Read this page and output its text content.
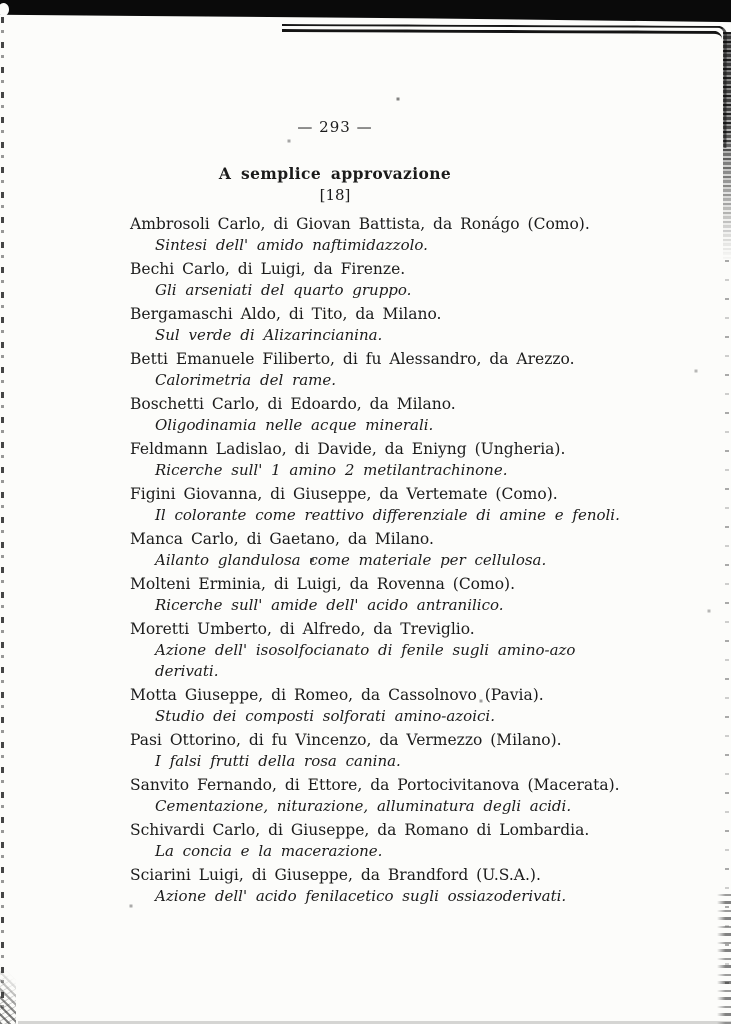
— 293 —
A semplice approvazione
[18]
Ambrosoli Carlo, di Giovan Battista, da Ronágo (Como).
Sintesi dell' amido naftimidazzolo.
Bechi Carlo, di Luigi, da Firenze.
Gli arseniati del quarto gruppo.
Bergamaschi Aldo, di Tito, da Milano.
Sul verde di Alizarincianina.
Betti Emanuele Filiberto, di fu Alessandro, da Arezzo.
Calorimetria del rame.
Boschetti Carlo, di Edoardo, da Milano.
Oligodinamia nelle acque minerali.
Feldmann Ladislao, di Davide, da Eniyng (Ungheria).
Ricerche sull' 1 amino 2 metilantrachinone.
Figini Giovanna, di Giuseppe, da Vertemate (Como).
Il colorante come reattivo differenziale di amine e fenoli.
Manca Carlo, di Gaetano, da Milano.
Ailanto glandulosa come materiale per cellulosa.
Molteni Erminia, di Luigi, da Rovenna (Como).
Ricerche sull' amide dell' acido antranilico.
Moretti Umberto, di Alfredo, da Treviglio.
Azione dell' isosolfocianato di fenile sugli amino-azo derivati.
Motta Giuseppe, di Romeo, da Cassolnovo (Pavia).
Studio dei composti solforati amino-azoici.
Pasi Ottorino, di fu Vincenzo, da Vermezzo (Milano).
I falsi frutti della rosa canina.
Sanvito Fernando, di Ettore, da Portocivitanova (Macerata).
Cementazione, niturazione, alluminatura degli acidi.
Schivardi Carlo, di Giuseppe, da Romano di Lombardia.
La concia e la macerazione.
Sciarini Luigi, di Giuseppe, da Brandford (U.S.A.).
Azione dell' acido fenilacetico sugli ossiazoderivati.
